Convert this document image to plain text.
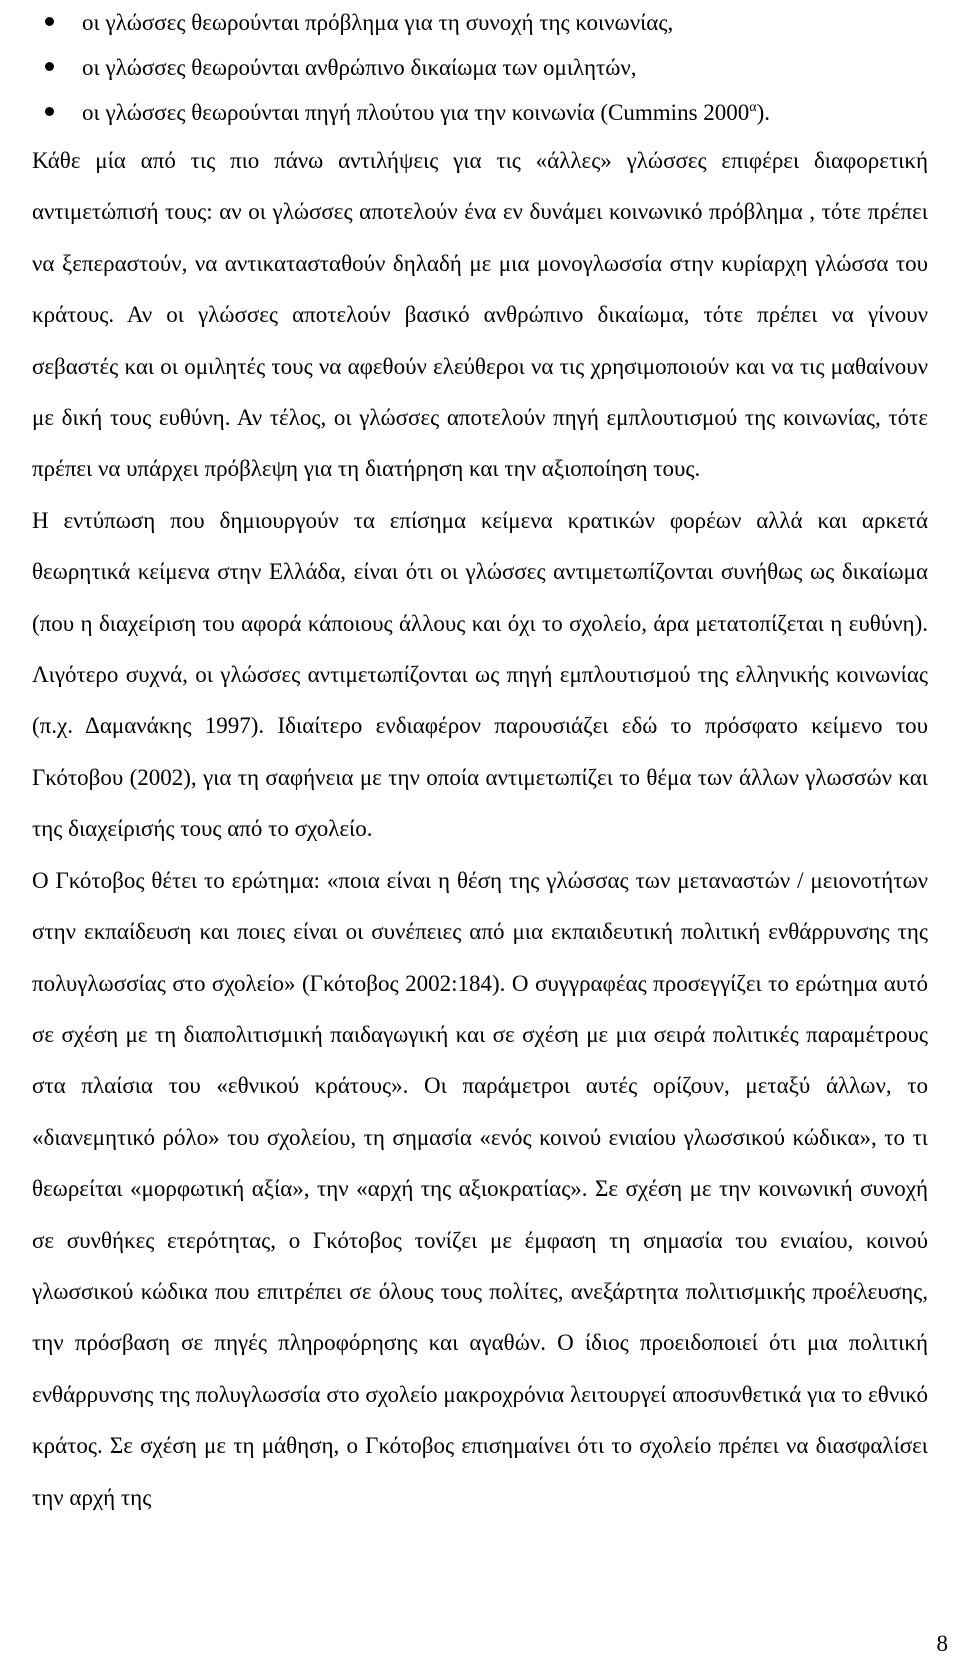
οι γλώσσες θεωρούνται πρόβλημα για τη συνοχή της κοινωνίας,
οι γλώσσες θεωρούνται ανθρώπινο δικαίωμα των ομιλητών,
οι γλώσσες θεωρούνται πηγή πλούτου για την κοινωνία (Cummins $2000^\alpha$).

Κάθε μία από τις πιο πάνω αντιλήψεις για τις «άλλες» γλώσσες επιφέρει διαφορετική αντιμετώπισή τους: αν οι γλώσσες αποτελούν ένα εν δυνάμει κοινωνικό πρόβλημα , τότε πρέπει να ξεπεραστούν, να αντικατασταθούν δηλαδή με μια μονογλωσσία στην κυρίαρχη γλώσσα του κράτους. Αν οι γλώσσες αποτελούν βασικό ανθρώπινο δικαίωμα, τότε πρέπει να γίνουν σεβαστές και οι ομιλητές τους να αφεθούν ελεύθεροι να τις χρησιμοποιούν και να τις μαθαίνουν με δική τους ευθύνη. Αν τέλος, οι γλώσσες αποτελούν πηγή εμπλουτισμού της κοινωνίας, τότε πρέπει να υπάρχει πρόβλεψη για τη διατήρηση και την αξιοποίηση τους.

Η εντύπωση που δημιουργούν τα επίσημα κείμενα κρατικών φορέων αλλά και αρκετά θεωρητικά κείμενα στην Ελλάδα, είναι ότι οι γλώσσες αντιμετωπίζονται συνήθως ως δικαίωμα (που η διαχείριση του αφορά κάποιους άλλους και όχι το σχολείο, άρα μετατοπίζεται η ευθύνη). Λιγότερο συχνά, οι γλώσσες αντιμετωπίζονται ως πηγή εμπλουτισμού της ελληνικής κοινωνίας (π.χ. Δαμανάκης 1997). Ιδιαίτερο ενδιαφέρον παρουσιάζει εδώ το πρόσφατο κείμενο του Γκότοβου (2002), για τη σαφήνεια με την οποία αντιμετωπίζει το θέμα των άλλων γλωσσών και της διαχείρισής τους από το σχολείο.

Ο Γκότοβος θέτει το ερώτημα: «ποια είναι η θέση της γλώσσας των μεταναστών / μειονοτήτων στην εκπαίδευση και ποιες είναι οι συνέπειες από μια εκπαιδευτική πολιτική ενθάρρυνσης της πολυγλωσσίας στο σχολείο» (Γκότοβος 2002:184). Ο συγγραφέας προσεγγίζει το ερώτημα αυτό σε σχέση με τη διαπολιτισμική παιδαγωγική και σε σχέση με μια σειρά πολιτικές παραμέτρους στα πλαίσια του «εθνικού κράτους». Οι παράμετροι αυτές ορίζουν, μεταξύ άλλων, το «διανεμητικό ρόλο» του σχολείου, τη σημασία «ενός κοινού ενιαίου γλωσσικού κώδικα», το τι θεωρείται «μορφωτική αξία», την «αρχή της αξιοκρατίας». Σε σχέση με την κοινωνική συνοχή σε συνθήκες ετερότητας, ο Γκότοβος τονίζει με έμφαση τη σημασία του ενιαίου, κοινού γλωσσικού κώδικα που επιτρέπει σε όλους τους πολίτες, ανεξάρτητα πολιτισμικής προέλευσης, την πρόσβαση σε πηγές πληροφόρησης και αγαθών. Ο ίδιος προειδοποιεί ότι μια πολιτική ενθάρρυνσης της πολυγλωσσία στο σχολείο μακροχρόνια λειτουργεί αποσυνθετικά για το εθνικό κράτος. Σε σχέση με τη μάθηση, ο Γκότοβος επισημαίνει ότι το σχολείο πρέπει να διασφαλίσει την αρχή της

8
